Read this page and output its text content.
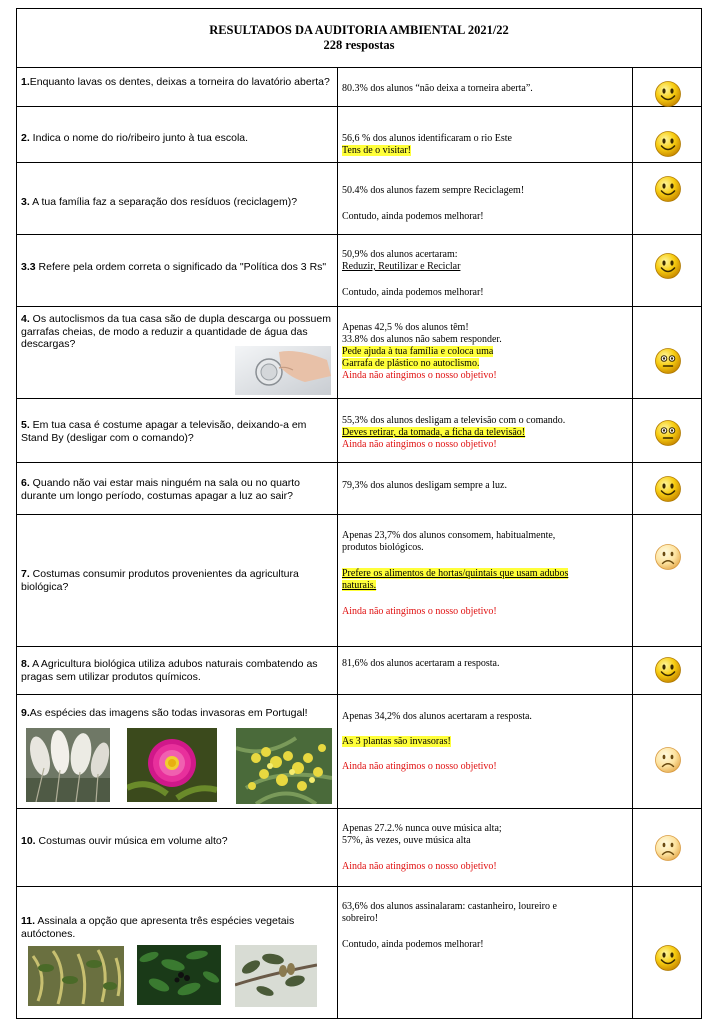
RESULTADOS DA AUDITORIA AMBIENTAL 2021/22
228 respostas
1.Enquanto lavas os dentes, deixas a torneira do lavatório aberta?
80.3% dos alunos “não deixa a torneira aberta”.
2. Indica o nome do rio/ribeiro junto à tua escola.	56,6 % dos alunos identificaram o rio Este
Tens de o visitar!
3. A tua família faz a separação dos resíduos (reciclagem)?
50.4% dos alunos fazem sempre Reciclagem!
Contudo, ainda podemos melhorar!
3.3 Refere pela ordem correta o significado da "Política dos 3 Rs"
50,9% dos alunos acertaram:
Reduzir, Reutilizar e Reciclar
Contudo, ainda podemos melhorar!
4. Os autoclismos da tua casa são de dupla descarga ou possuem garrafas cheias, de modo a reduzir a quantidade de água das descargas?
Apenas 42,5 % dos alunos têm!
33.8% dos alunos não sabem responder.
Pede ajuda à tua família e coloca uma
Garrafa de plástico no autoclismo.
Ainda não atingimos o nosso objetivo!
5. Em tua casa é costume apagar a televisão, deixando-a em Stand By (desligar com o comando)?
55,3% dos alunos desligam a televisão com o comando.
Deves retirar, da tomada, a ficha da televisão!
Ainda não atingimos o nosso objetivo!
6. Quando não vai estar mais ninguém na sala ou no quarto durante um longo período, costumas apagar a luz ao sair?
79,3% dos alunos desligam sempre a luz.
7. Costumas consumir produtos provenientes da agricultura biológica?
Apenas 23,7% dos alunos consomem, habitualmente,
produtos biológicos.
Prefere os alimentos de hortas/quintais que usam adubos
naturais.
Ainda não atingimos o nosso objetivo!
8. A Agricultura biológica utiliza adubos naturais combatendo as pragas sem utilizar produtos químicos.
81,6% dos alunos acertaram a resposta.
9.As espécies das imagens são todas invasoras em Portugal!	Apenas 34,2% dos alunos acertaram a resposta.
As 3 plantas são invasoras!
Ainda não atingimos o nosso objetivo!
10. Costumas ouvir música em volume alto?
Apenas 27.2.% nunca ouve música alta;
57%, às vezes, ouve música alta
Ainda não atingimos o nosso objetivo!
11. Assinala a opção que apresenta três espécies vegetais autóctones.
63,6% dos alunos assinalaram: castanheiro, loureiro e
sobreiro!
Contudo, ainda podemos melhorar!
